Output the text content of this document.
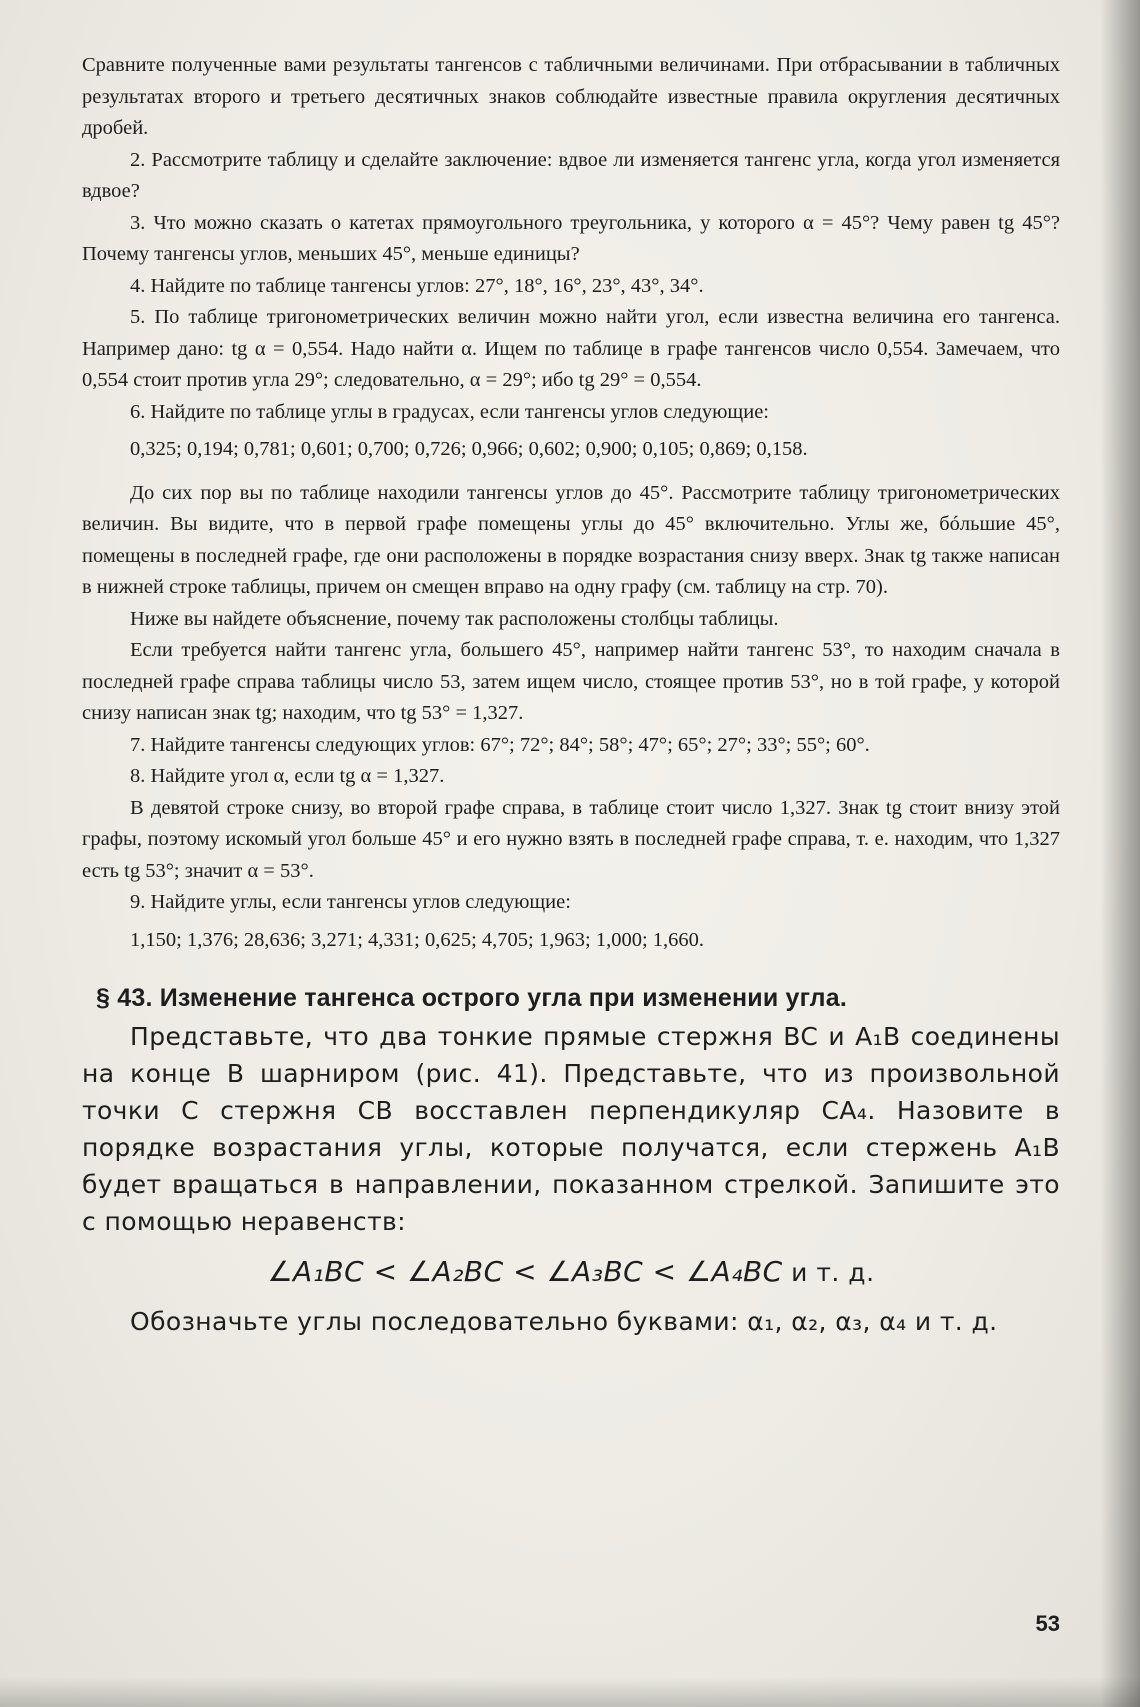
Сравните полученные вами результаты тангенсов с табличными величинами. При отбрасывании в табличных результатах второго и третьего десятичных знаков соблюдайте известные правила округления десятичных дробей.

2. Рассмотрите таблицу и сделайте заключение: вдвое ли изменяется тангенс угла, когда угол изменяется вдвое?

3. Что можно сказать о катетах прямоугольного треугольника, у которого α = 45°? Чему равен tg 45°? Почему тангенсы углов, меньших 45°, меньше единицы?

4. Найдите по таблице тангенсы углов: 27°, 18°, 16°, 23°, 43°, 34°.

5. По таблице тригонометрических величин можно найти угол, если известна величина его тангенса. Например дано: tg α = 0,554. Надо найти α. Ищем по таблице в графе тангенсов число 0,554. Замечаем, что 0,554 стоит против угла 29°; следовательно, α = 29°; ибо tg 29° = 0,554.

6. Найдите по таблице углы в градусах, если тангенсы углов следующие:

0,325; 0,194; 0,781; 0,601; 0,700; 0,726; 0,966; 0,602; 0,900; 0,105; 0,869; 0,158.

До сих пор вы по таблице находили тангенсы углов до 45°. Рассмотрите таблицу тригонометрических величин. Вы видите, что в первой графе помещены углы до 45° включительно. Углы же, бóльшие 45°, помещены в последней графе, где они расположены в порядке возрастания снизу вверх. Знак tg также написан в нижней строке таблицы, причем он смещен вправо на одну графу (см. таблицу на стр. 70).

Ниже вы найдете объяснение, почему так расположены столбцы таблицы.

Если требуется найти тангенс угла, большего 45°, например найти тангенс 53°, то находим сначала в последней графе справа таблицы число 53, затем ищем число, стоящее против 53°, но в той графе, у которой снизу написан знак tg; находим, что tg 53° = 1,327.

7. Найдите тангенсы следующих углов: 67°; 72°; 84°; 58°; 47°; 65°; 27°; 33°; 55°; 60°.

8. Найдите угол α, если tg α = 1,327.

В девятой строке снизу, во второй графе справа, в таблице стоит число 1,327. Знак tg стоит внизу этой графы, поэтому искомый угол больше 45° и его нужно взять в последней графе справа, т. е. находим, что 1,327 есть tg 53°; значит α = 53°.

9. Найдите углы, если тангенсы углов следующие:

1,150; 1,376; 28,636; 3,271; 4,331; 0,625; 4,705; 1,963; 1,000; 1,660.

§ 43. Изменение тангенса острого угла при изменении угла.

Представьте, что два тонкие прямые стержня BC и A₁B соединены на конце B шарниром (рис. 41). Представьте, что из произвольной точки C стержня CB восставлен перпендикуляр CA₄. Назовите в порядке возрастания углы, которые получатся, если стержень A₁B будет вращаться в направлении, показанном стрелкой. Запишите это с помощью неравенств:

∠A₁BC < ∠A₂BC < ∠A₃BC < ∠A₄BC и т. д.

Обозначьте углы последовательно буквами: α₁, α₂, α₃, α₄ и т. д.

53
